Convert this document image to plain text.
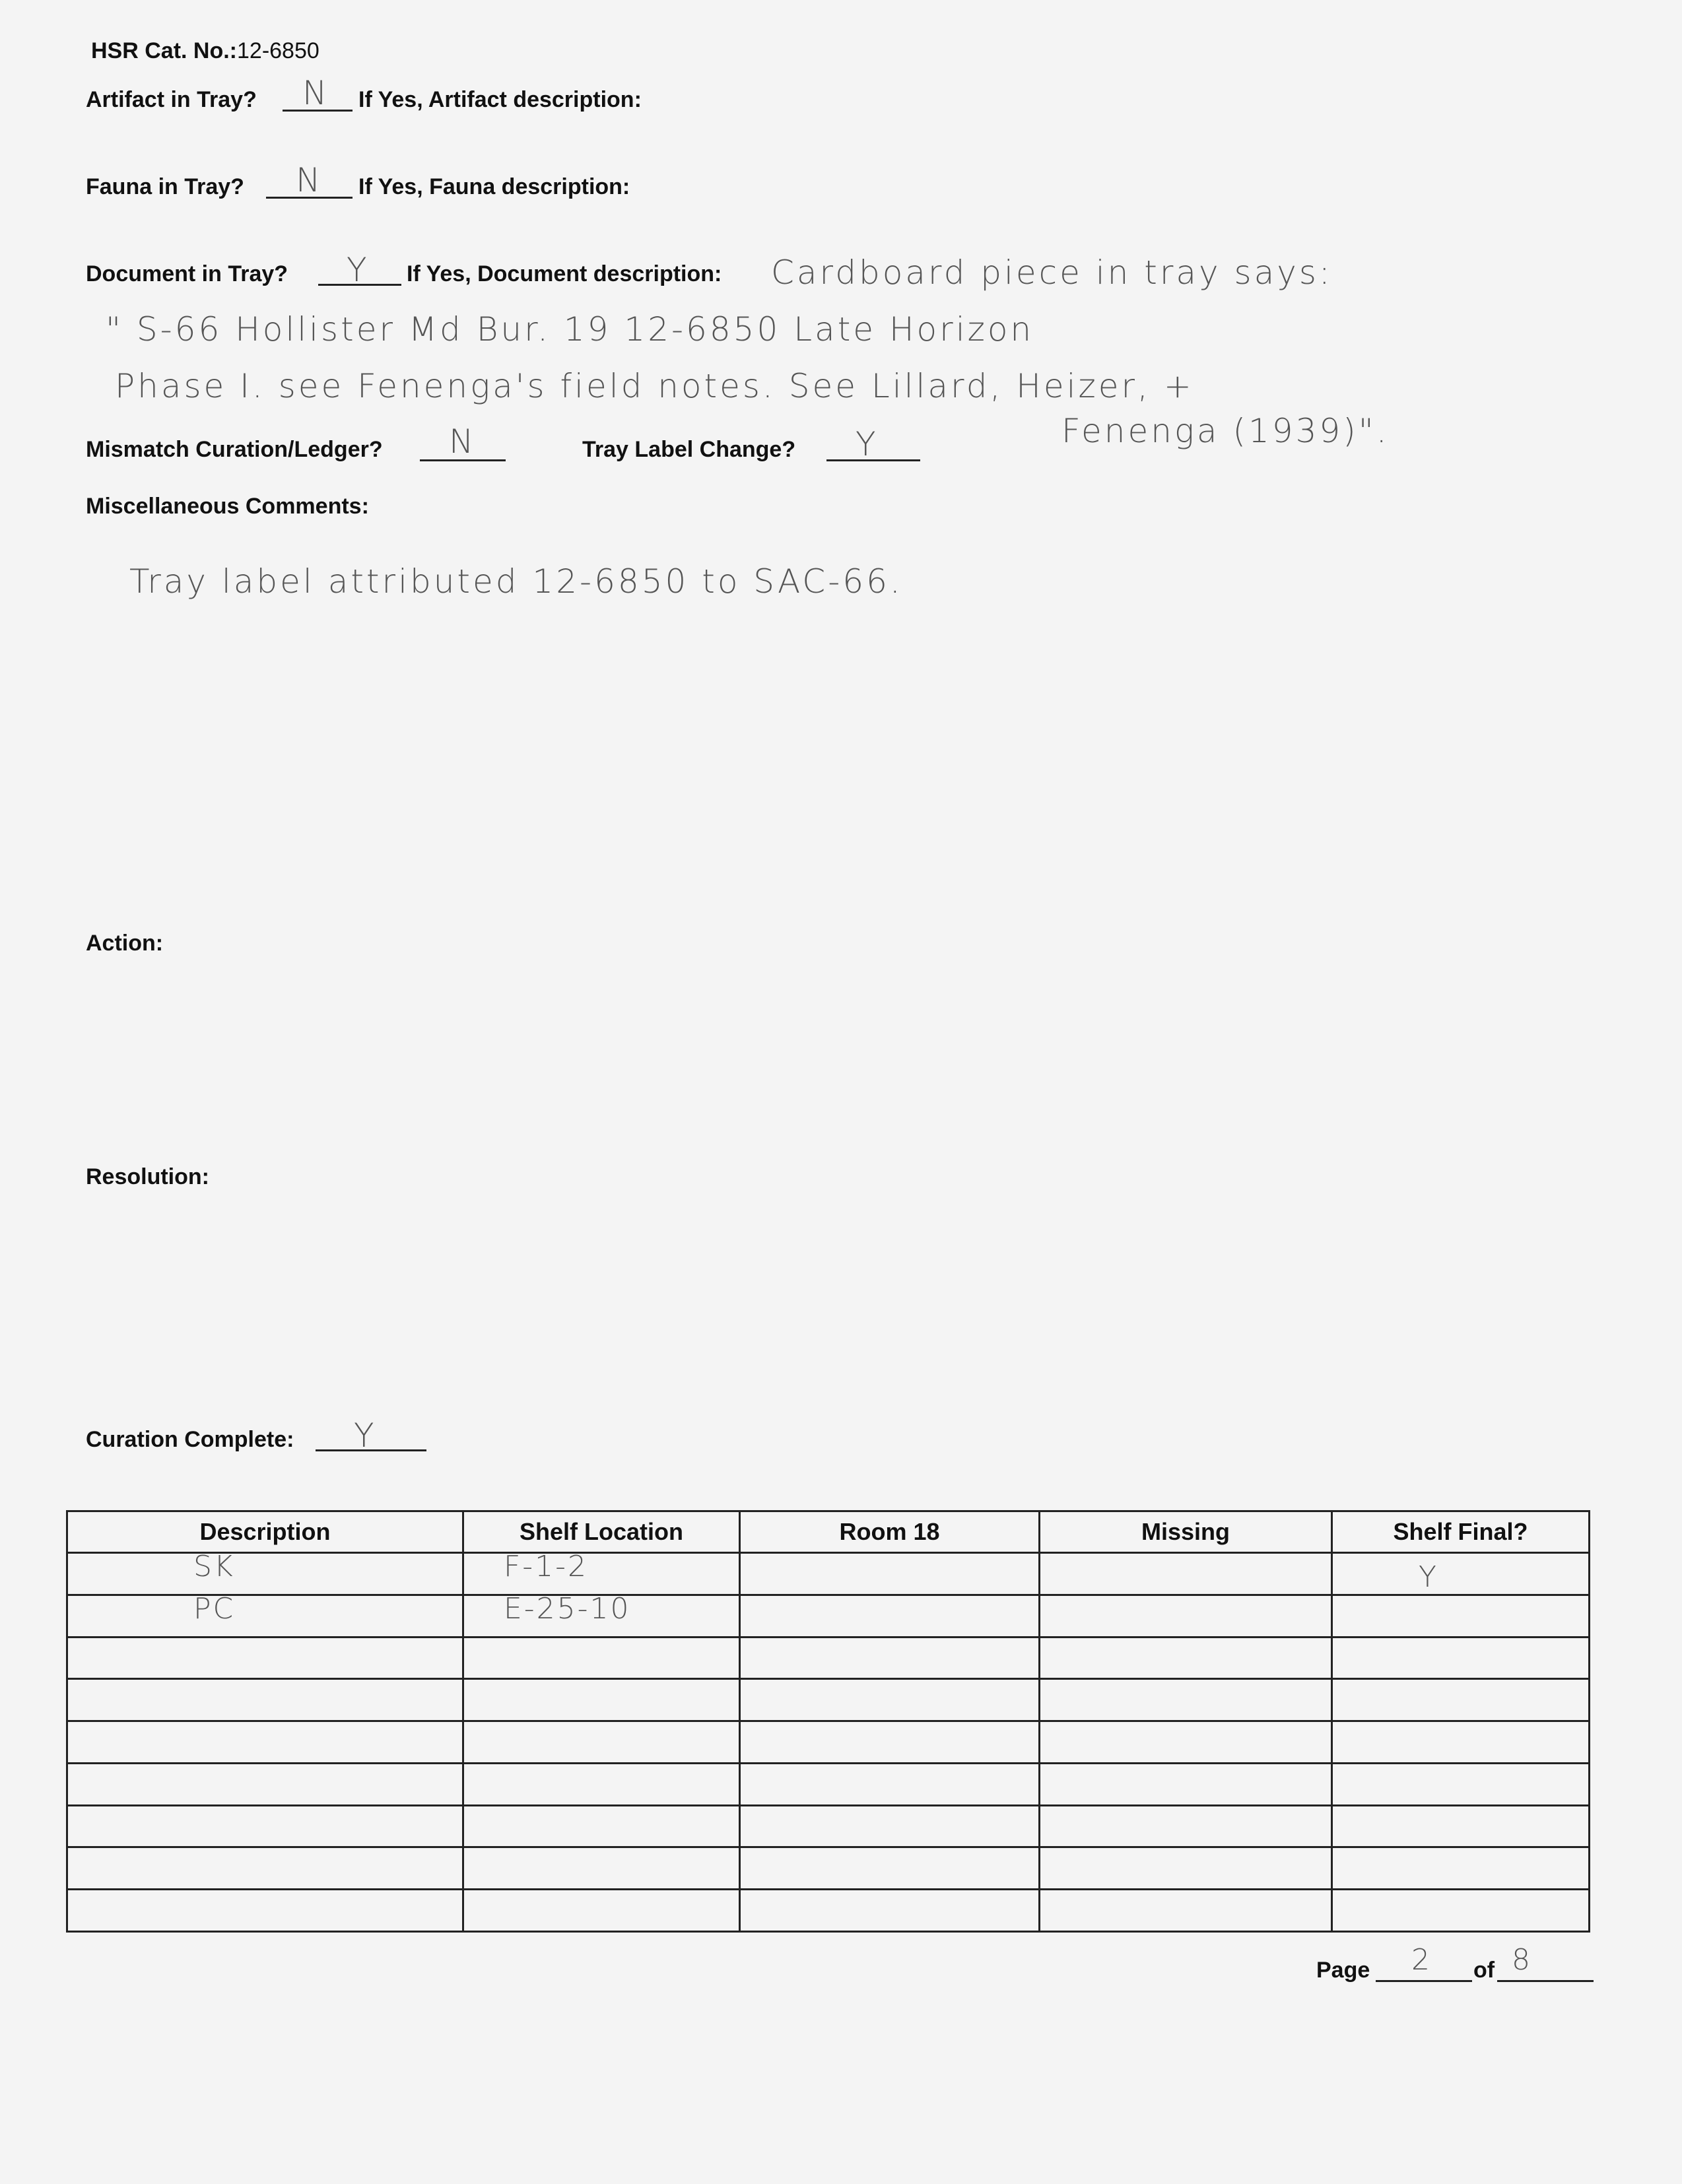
HSR Cat. No.:12-6850
Artifact in Tray? N If Yes, Artifact description:
Fauna in Tray? N If Yes, Fauna description:
Document in Tray? Y If Yes, Document description: Cardboard piece in tray says:
" S-66 Hollister Md Bur. 19 12-6850 Late Horizon
Phase I. see Fenenga's field notes. See Lillard, Heizer, +
Fenenga (1939)".
Mismatch Curation/Ledger? N	Tray Label Change? Y
Miscellaneous Comments:
Tray label attributed 12-6850 to SAC-66.
Action:
Resolution:
Curation Complete: Y
Description	Shelf Location	Room 18	Missing	Shelf Final?

SK	F-1-2			Y

PC	E-25-10			

Page 2 of 8
